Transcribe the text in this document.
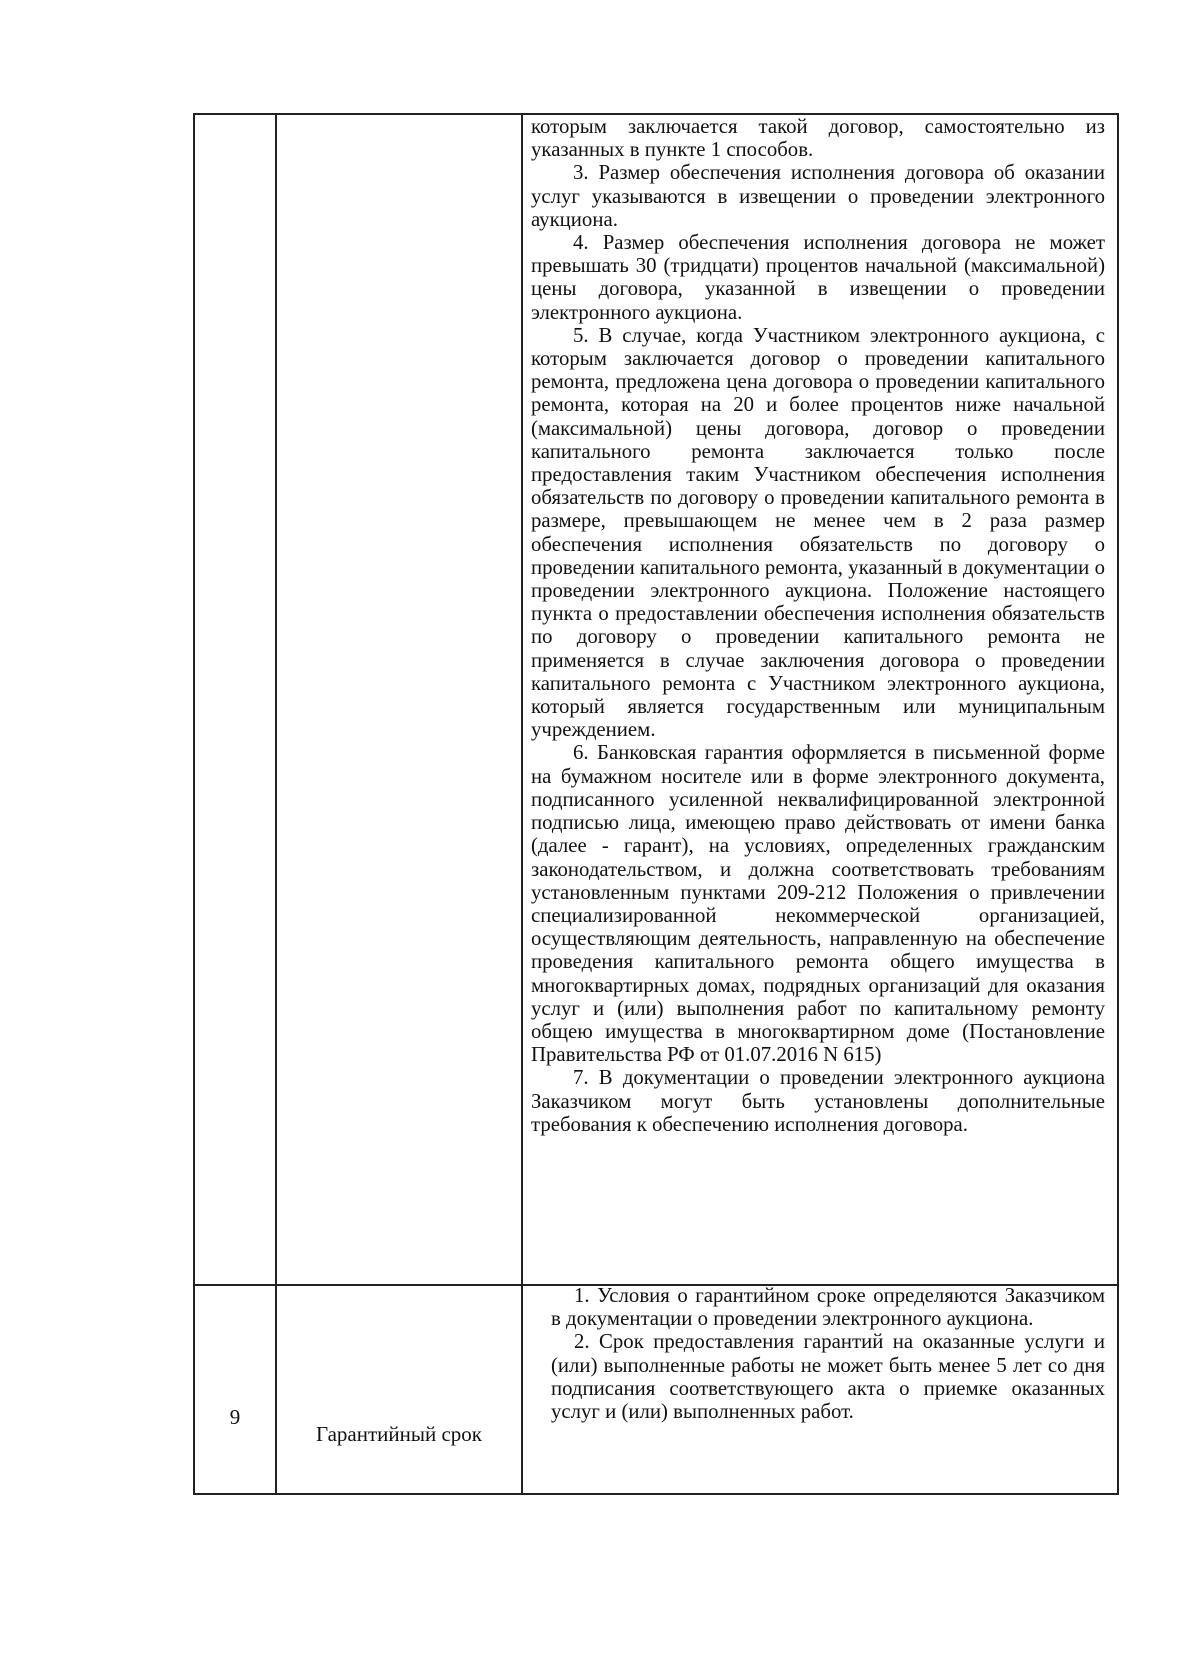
которым заключается такой договор, самостоятельно из указанных в пункте 1 способов.

3. Размер обеспечения исполнения договора об оказании услуг указываются в извещении о проведении электронного аукциона.

4. Размер обеспечения исполнения договора не может превышать 30 (тридцати) процентов начальной (максимальной) цены договора, указанной в извещении о проведении электронного аукциона.

5. В случае, когда Участником электронного аукциона, с которым заключается договор о проведении капитального ремонта, предложена цена договора о проведении капитального ремонта, которая на 20 и более процентов ниже начальной (максимальной) цены договора, договор о проведении капитального ремонта заключается только после предоставления таким Участником обеспечения исполнения обязательств по договору о проведении капитального ремонта в размере, превышающем не менее чем в 2 раза размер обеспечения исполнения обязательств по договору о проведении капитального ремонта, указанный в документации о проведении электронного аукциона. Положение настоящего пункта о предоставлении обеспечения исполнения обязательств по договору о проведении капитального ремонта не применяется в случае заключения договора о проведении капитального ремонта с Участником электронного аукциона, который является государственным или муниципальным учреждением.

6. Банковская гарантия оформляется в письменной форме на бумажном носителе или в форме электронного документа, подписанного усиленной неквалифицированной электронной подписью лица, имеющею право действовать от имени банка (далее - гарант), на условиях, определенных гражданским законодательством, и должна соответствовать требованиям установленным пунктами 209-212 Положения о привлечении специализированной некоммерческой организацией, осуществляющим деятельность, направленную на обеспечение проведения капитального ремонта общего имущества в многоквартирных домах, подрядных организаций для оказания услуг и (или) выполнения работ по капитальному ремонту общею имущества в многоквартирном доме (Постановление Правительства РФ от 01.07.2016 N 615)

7. В документации о проведении электронного аукциона Заказчиком могут быть установлены дополнительные требования к обеспечению исполнения договора.

1. Условия о гарантийном сроке определяются Заказчиком в документации о проведении электронного аукциона.

2. Срок предоставления гарантий на оказанные услуги и (или) выполненные работы не может быть менее 5 лет со дня подписания соответствующего акта о приемке оказанных услуг и (или) выполненных работ.

9

Гарантийный срок
